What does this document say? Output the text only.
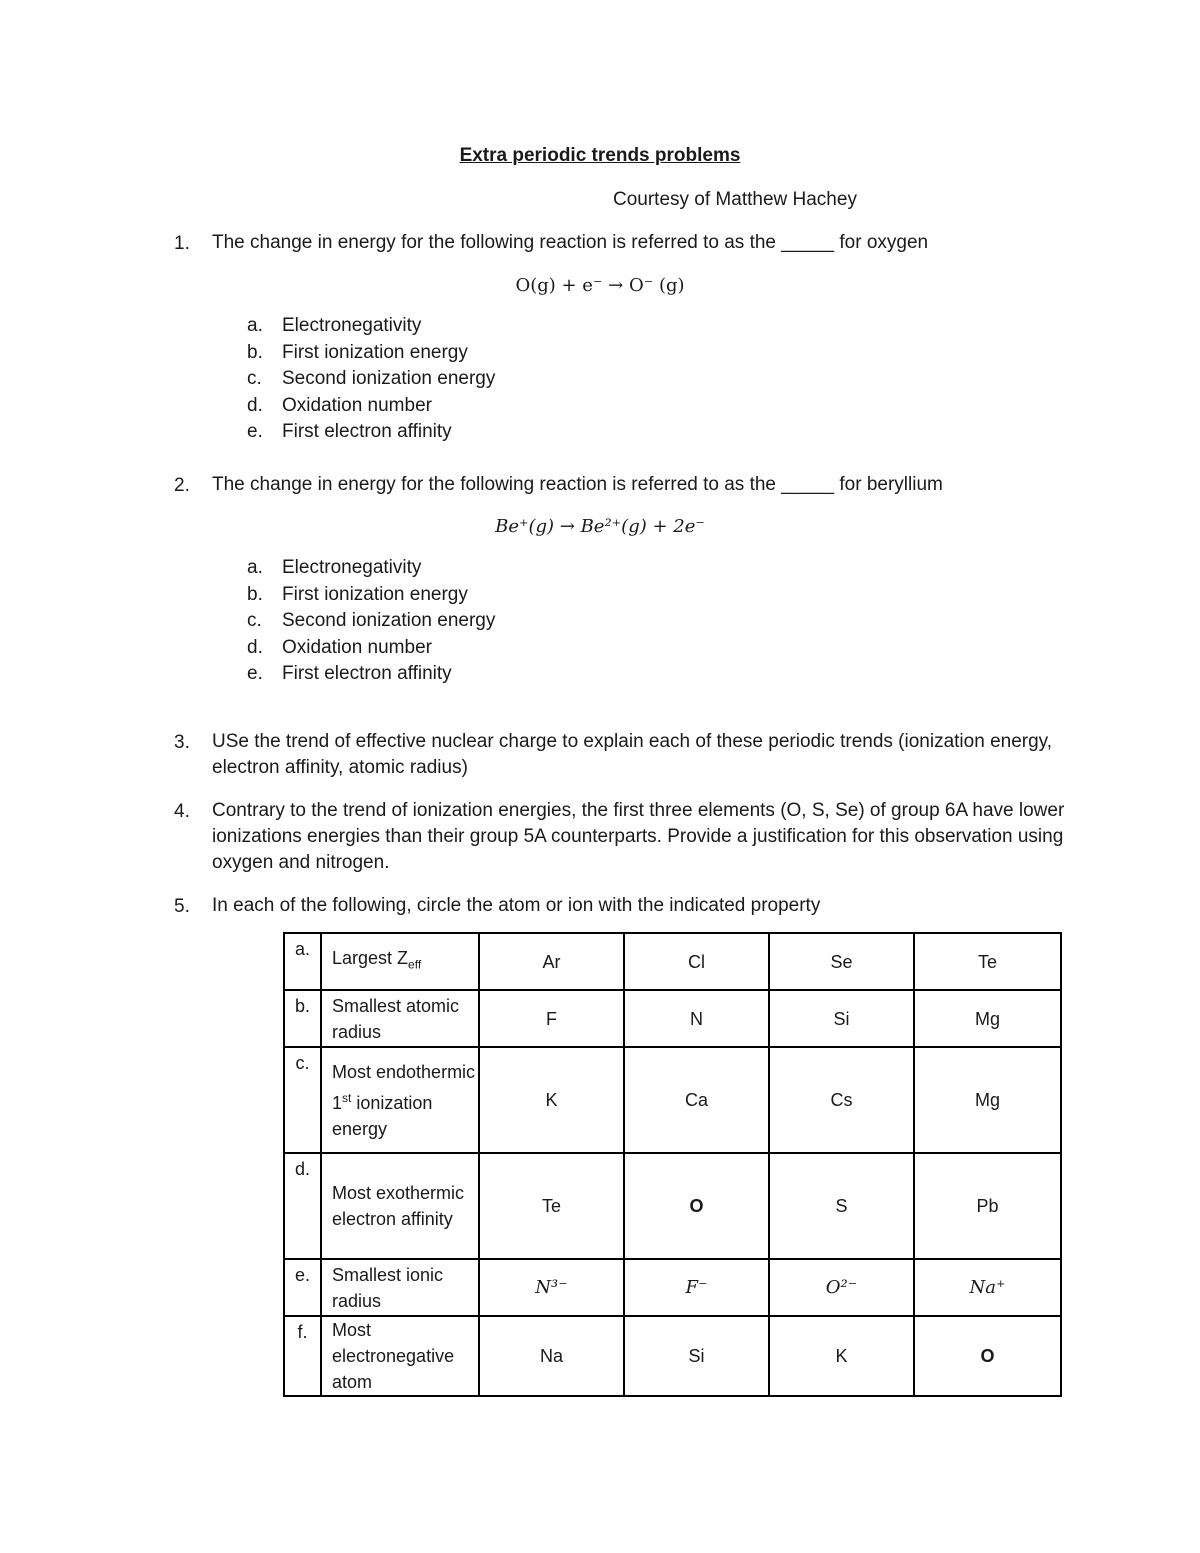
Extra periodic trends problems
Courtesy of Matthew Hachey
1.	The change in energy for the following reaction is referred to as the _____ for oxygen
O(g) + e⁻ → O⁻ (g)
a.	Electronegativity
b.	First ionization energy
c.	Second ionization energy
d.	Oxidation number
e.	First electron affinity
2.	The change in energy for the following reaction is referred to as the _____ for beryllium
Be⁺(g) → Be²⁺(g) + 2e⁻
a.	Electronegativity
b.	First ionization energy
c.	Second ionization energy
d.	Oxidation number
e.	First electron affinity
3.	USe the trend of effective nuclear charge to explain each of these periodic trends (ionization energy, electron affinity, atomic radius)
4.	Contrary to the trend of ionization energies, the first three elements (O, S, Se) of group 6A have lower ionizations energies than their group 5A counterparts. Provide a justification for this observation using oxygen and nitrogen.
5.	In each of the following, circle the atom or ion with the indicated property
a.	Largest $Z_{eff}$	Ar	Cl	Se	Te
b.	Smallest atomic radius	F	N	Si	Mg
c.	Most endothermic 1st ionization energy	K	Ca	Cs	Mg
d.	Most exothermic electron affinity	Te	O	S	Pb
e.	Smallest ionic radius	N³⁻	F⁻	O²⁻	Na⁺
f.	Most electronegative atom	Na	Si	K	O
